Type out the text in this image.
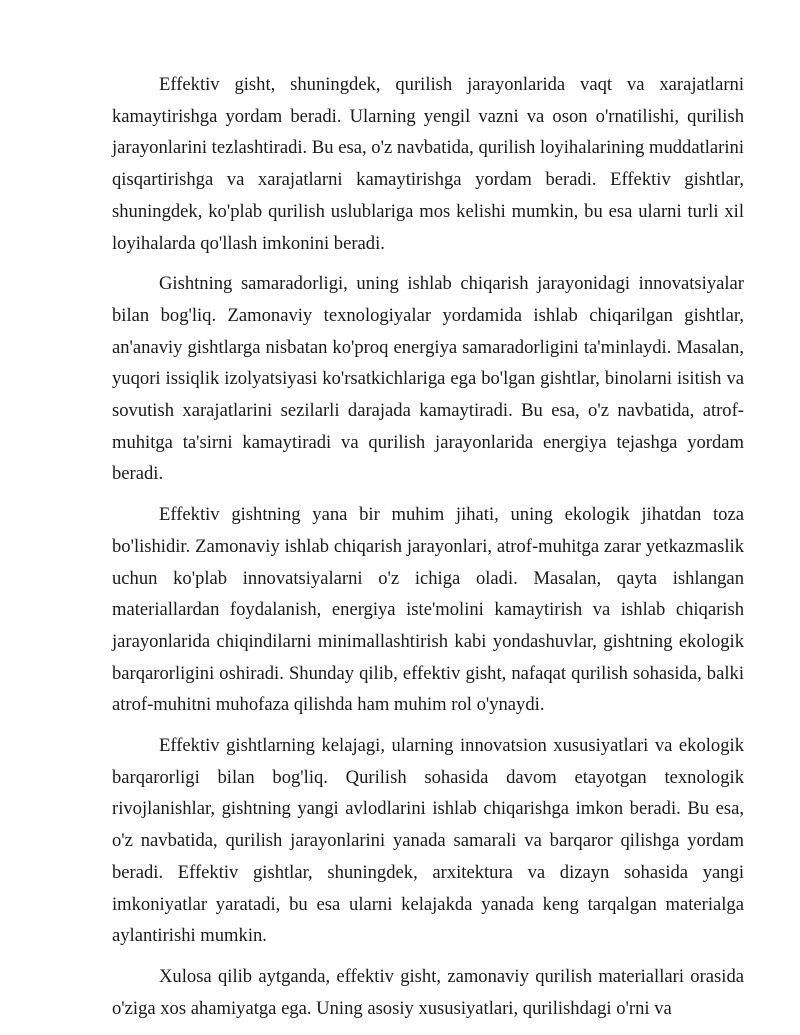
Effektiv gisht, shuningdek, qurilish jarayonlarida vaqt va xarajatlarni kamaytirishga yordam beradi. Ularning yengil vazni va oson o'rnatilishi, qurilish jarayonlarini tezlashtiradi. Bu esa, o'z navbatida, qurilish loyihalarining muddatlarini qisqartirishga va xarajatlarni kamaytirishga yordam beradi. Effektiv gishtlar, shuningdek, ko'plab qurilish uslublariga mos kelishi mumkin, bu esa ularni turli xil loyihalarda qo'llash imkonini beradi.

Gishtning samaradorligi, uning ishlab chiqarish jarayonidagi innovatsiyalar bilan bog'liq. Zamonaviy texnologiyalar yordamida ishlab chiqarilgan gishtlar, an'anaviy gishtlarga nisbatan ko'proq energiya samaradorligini ta'minlaydi. Masalan, yuqori issiqlik izolyatsiyasi ko'rsatkichlariga ega bo'lgan gishtlar, binolarni isitish va sovutish xarajatlarini sezilarli darajada kamaytiradi. Bu esa, o'z navbatida, atrof-muhitga ta'sirni kamaytiradi va qurilish jarayonlarida energiya tejashga yordam beradi.

Effektiv gishtning yana bir muhim jihati, uning ekologik jihatdan toza bo'lishidir. Zamonaviy ishlab chiqarish jarayonlari, atrof-muhitga zarar yetkazmaslik uchun ko'plab innovatsiyalarni o'z ichiga oladi. Masalan, qayta ishlangan materiallardan foydalanish, energiya iste'molini kamaytirish va ishlab chiqarish jarayonlarida chiqindilarni minimallashtirish kabi yondashuvlar, gishtning ekologik barqarorligini oshiradi. Shunday qilib, effektiv gisht, nafaqat qurilish sohasida, balki atrof-muhitni muhofaza qilishda ham muhim rol o'ynaydi.

Effektiv gishtlarning kelajagi, ularning innovatsion xususiyatlari va ekologik barqarorligi bilan bog'liq. Qurilish sohasida davom etayotgan texnologik rivojlanishlar, gishtning yangi avlodlarini ishlab chiqarishga imkon beradi. Bu esa, o'z navbatida, qurilish jarayonlarini yanada samarali va barqaror qilishga yordam beradi. Effektiv gishtlar, shuningdek, arxitektura va dizayn sohasida yangi imkoniyatlar yaratadi, bu esa ularni kelajakda yanada keng tarqalgan materialga aylantirishi mumkin.

Xulosa qilib aytganda, effektiv gisht, zamonaviy qurilish materiallari orasida o'ziga xos ahamiyatga ega. Uning asosiy xususiyatlari, qurilishdagi o'rni va
